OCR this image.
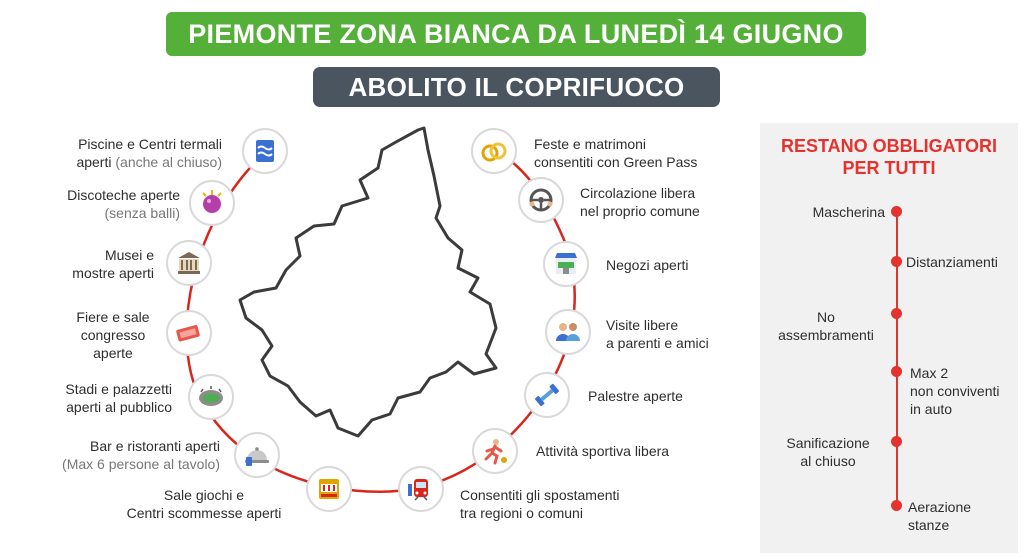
PIEMONTE ZONA BIANCA DA LUNEDÌ 14 GIUGNO
ABOLITO IL COPRIFUOCO
Piscine e Centri termali
aperti (anche al chiuso)
Discoteche aperte
(senza balli)
Musei e
mostre aperti
Fiere e sale
congresso
aperte
Stadi e palazzetti
aperti al pubblico
Bar e ristoranti aperti
(Max 6 persone al tavolo)
Sale giochi e
Centri scommesse aperti
Consentiti gli spostamenti
tra regioni o comuni
Feste e matrimoni
consentiti con Green Pass
Circolazione libera
nel proprio comune
Negozi aperti
Visite libere
a parenti e amici
Palestre aperte
Attività sportiva libera
RESTANO OBBLIGATORI
PER TUTTI
Mascherina
Distanziamenti
No
assembramenti
Max 2
non conviventi
in auto
Sanificazione
al chiuso
Aerazione
stanze
